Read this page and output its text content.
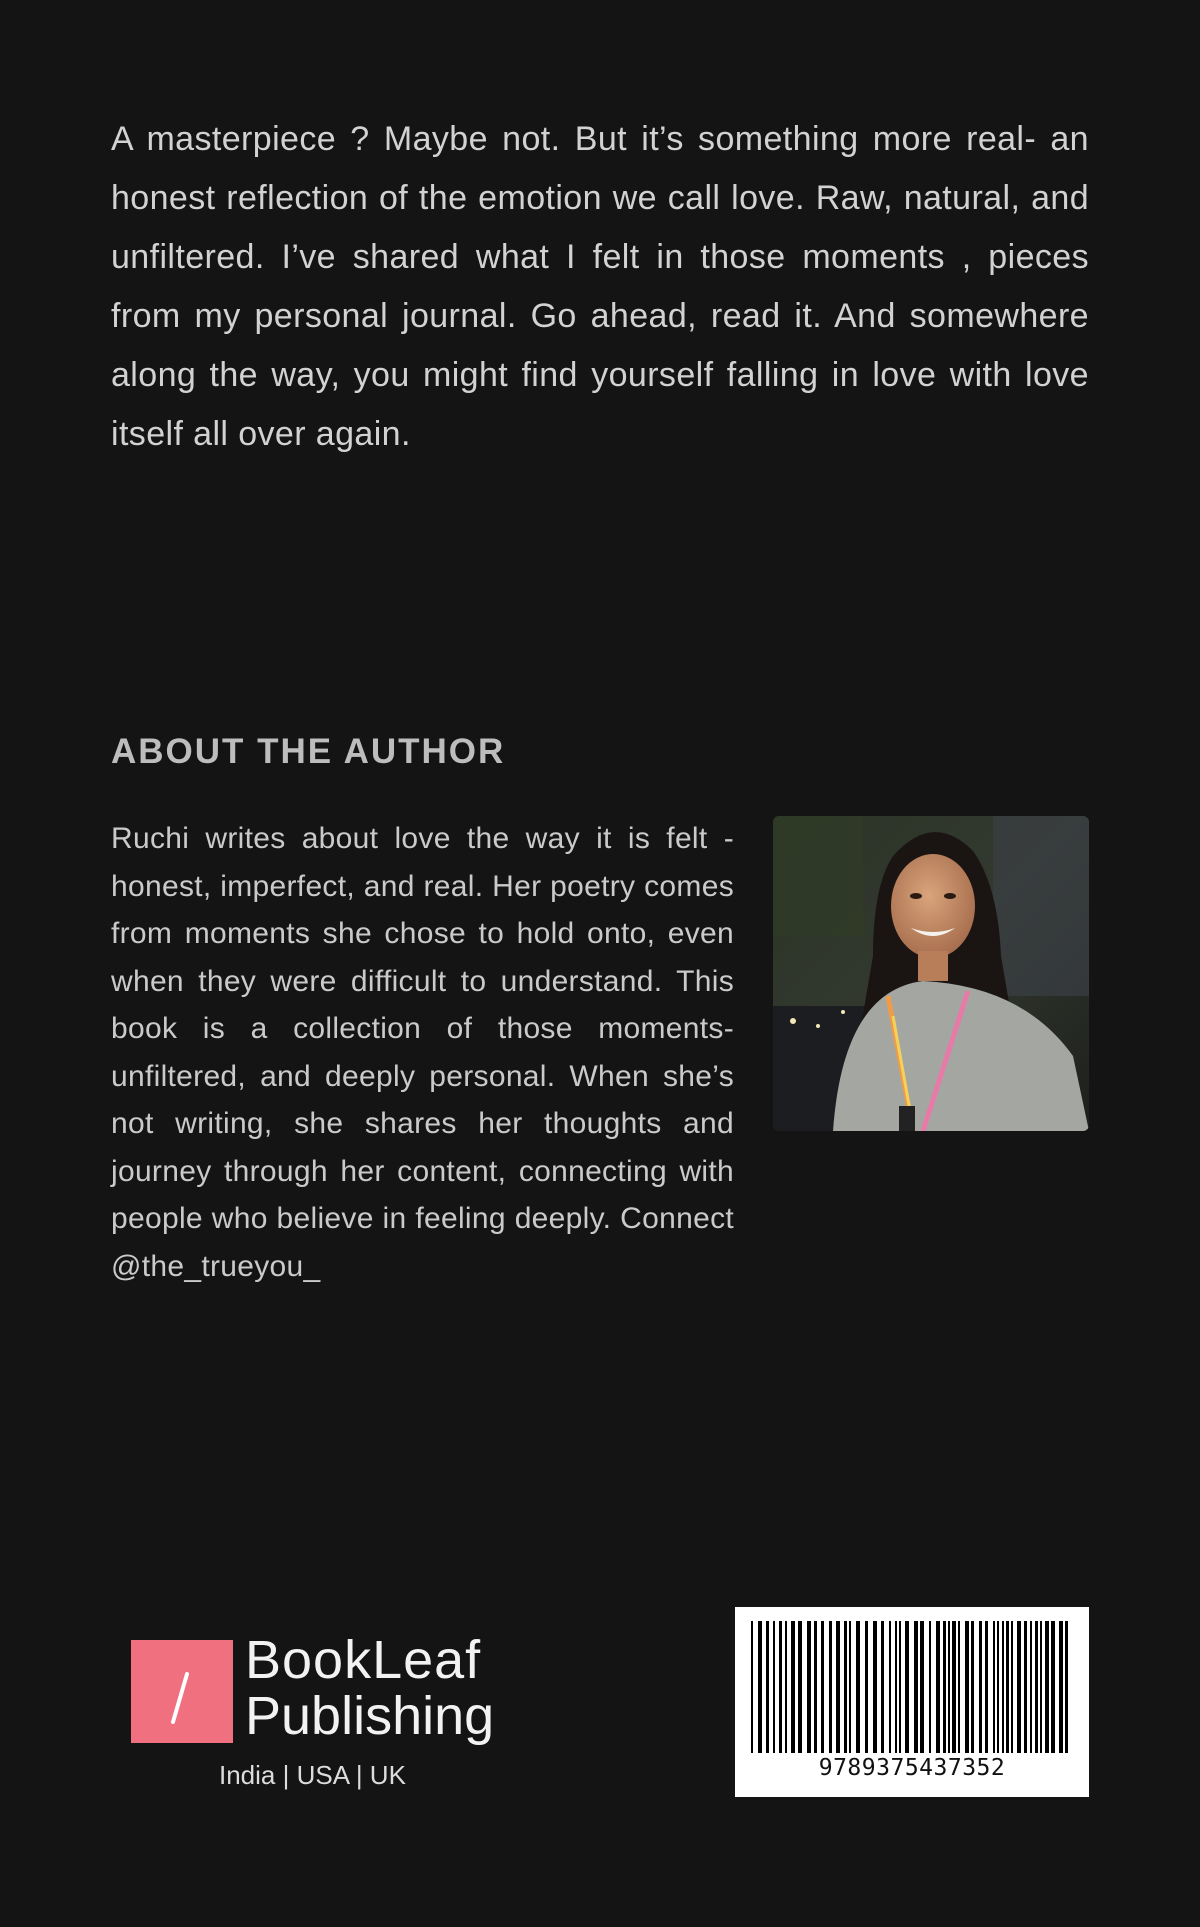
A masterpiece ? Maybe not. But it’s something more real- an honest reflection of the emotion we call love. Raw, natural, and unfiltered. I’ve shared what I felt in those moments , pieces from my personal journal. Go ahead, read it. And somewhere along the way, you might find yourself falling in love with love itself all over again.

ABOUT THE AUTHOR

Ruchi writes about love the way it is felt - honest, imperfect, and real. Her poetry comes from moments she chose to hold onto, even when they were difficult to understand. This book is a collection of those moments- unfiltered, and deeply personal. When she’s not writing, she shares her thoughts and journey through her content, connecting with people who believe in feeling deeply. Connect @the_trueyou_

BookLeaf
Publishing
India | USA | UK	9789375437352
